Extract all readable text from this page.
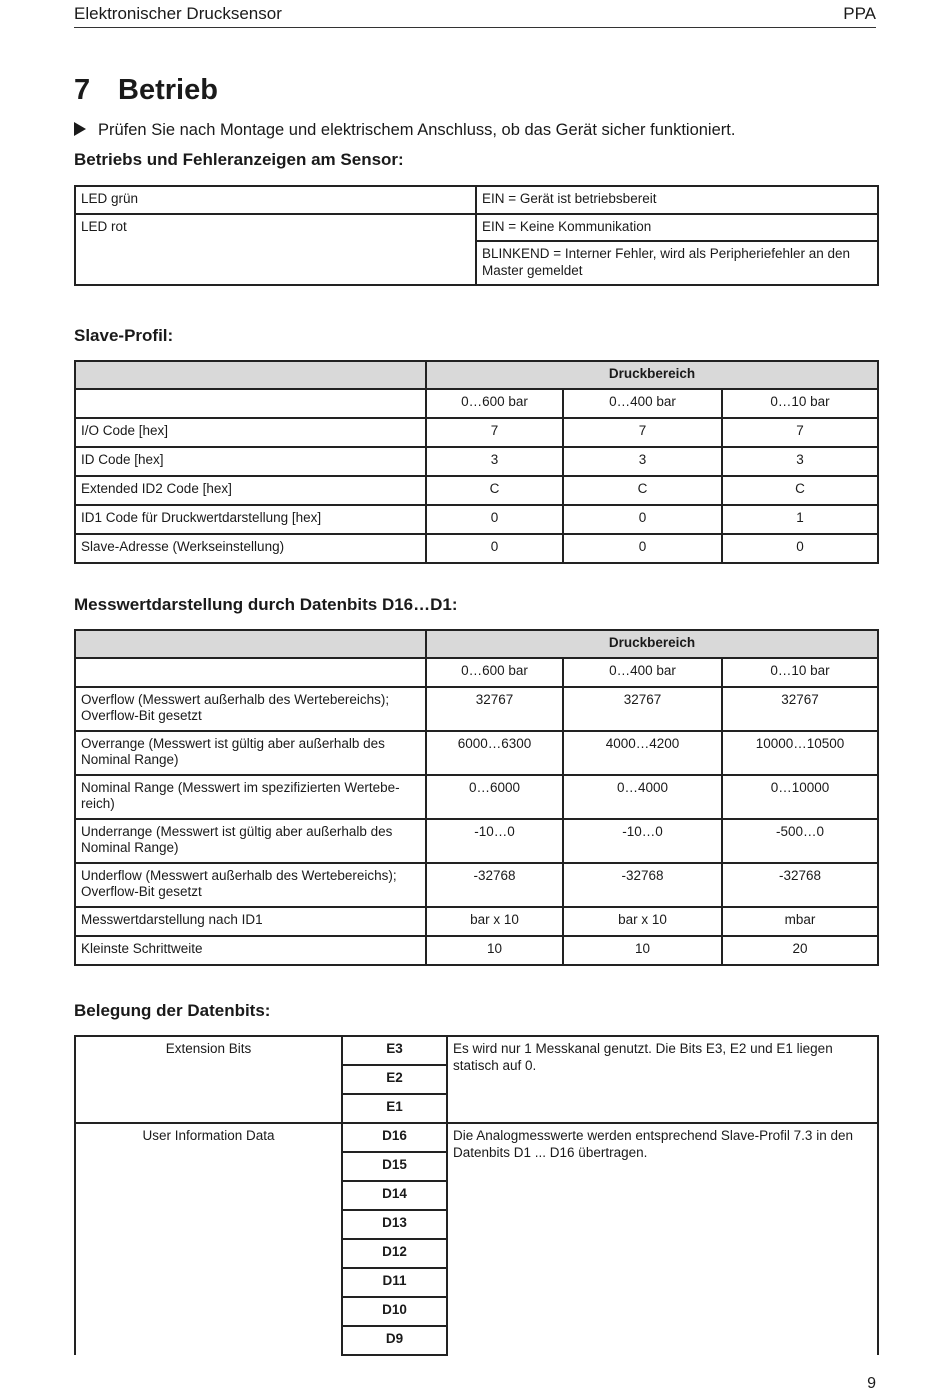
Elektronischer Drucksensor	PPA
7 Betrieb
Prüfen Sie nach Montage und elektrischem Anschluss, ob das Gerät sicher funktioniert.
Betriebs und Fehleranzeigen am Sensor:
LED grün	EIN = Gerät ist betriebsbereit
LED rot	EIN = Keine Kommunikation
	BLINKEND = Interner Fehler, wird als Peripheriefehler an den Master gemeldet
Slave-Profil:
	Druckbereich		
	0…600 bar	0…400 bar	0…10 bar
I/O Code [hex]	7	7	7
ID Code [hex]	3	3	3
Extended ID2 Code [hex]	C	C	C
ID1 Code für Druckwertdarstellung [hex]	0	0	1
Slave-Adresse (Werkseinstellung)	0	0	0
Messwertdarstellung durch Datenbits D16…D1:
	Druckbereich		
	0…600 bar	0…400 bar	0…10 bar
Overflow (Messwert außerhalb des Wertebereichs); Overflow-Bit gesetzt	32767	32767	32767
Overrange (Messwert ist gültig aber außerhalb des Nominal Range)	6000…6300	4000…4200	10000…10500
Nominal Range (Messwert im spezifizierten Wertebe-reich)	0…6000	0…4000	0…10000
Underrange (Messwert ist gültig aber außerhalb des Nominal Range)	-10…0	-10…0	-500…0
Underflow (Messwert außerhalb des Wertebereichs); Overflow-Bit gesetzt	-32768	-32768	-32768
Messwertdarstellung nach ID1	bar x 10	bar x 10	mbar
Kleinste Schrittweite	10	10	20
Belegung der Datenbits:
Extension Bits	E3	Es wird nur 1 Messkanal genutzt. Die Bits E3, E2 und E1 liegen statisch auf 0.
	E2	
	E1	
User Information Data	D16	Die Analogmesswerte werden entsprechend Slave-Profil 7.3 in den Datenbits D1 ... D16 übertragen.
	D15	
	D14	
	D13	
	D12	
	D11	
	D10	
	D9	
9
